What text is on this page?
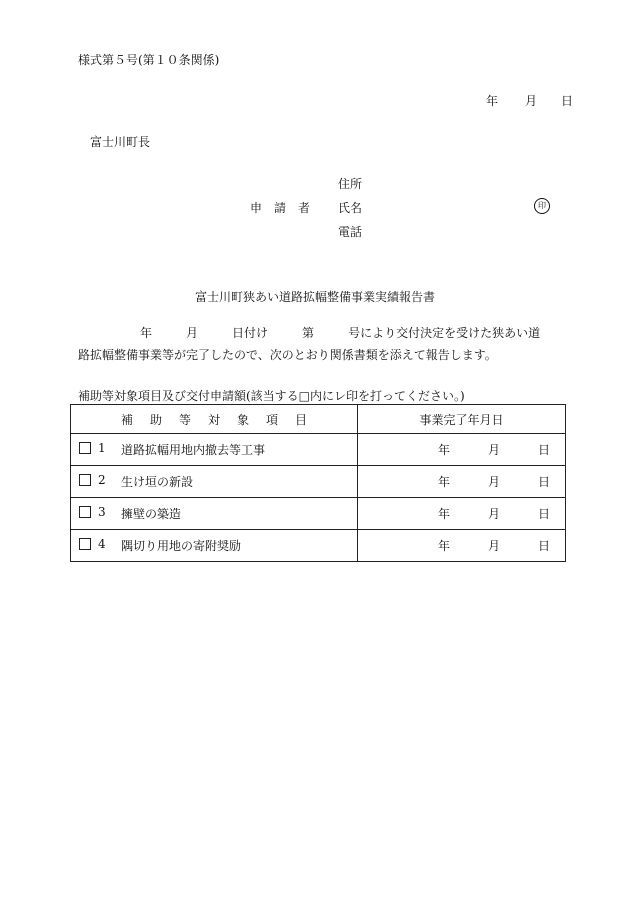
様式第５号(第１０条関係)
年 月 日
富士川町長
住所
申請者 氏名	印
電話
富士川町狭あい道路拡幅整備事業実績報告書
年	月	日付け	第	号により交付決定を受けた狭あい道
路拡幅整備事業等が完了したので、次のとおり関係書類を添えて報告します。
補助等対象項目及び交付申請額(該当する□内にレ印を打ってください。)
補助等対象項目	事業完了年月日

1 道路拡幅用地内撤去等工事	年 月 日

2 生け垣の新設	年 月 日

3 擁壁の築造	年 月 日

4 隅切り用地の寄附奨励	年 月 日
